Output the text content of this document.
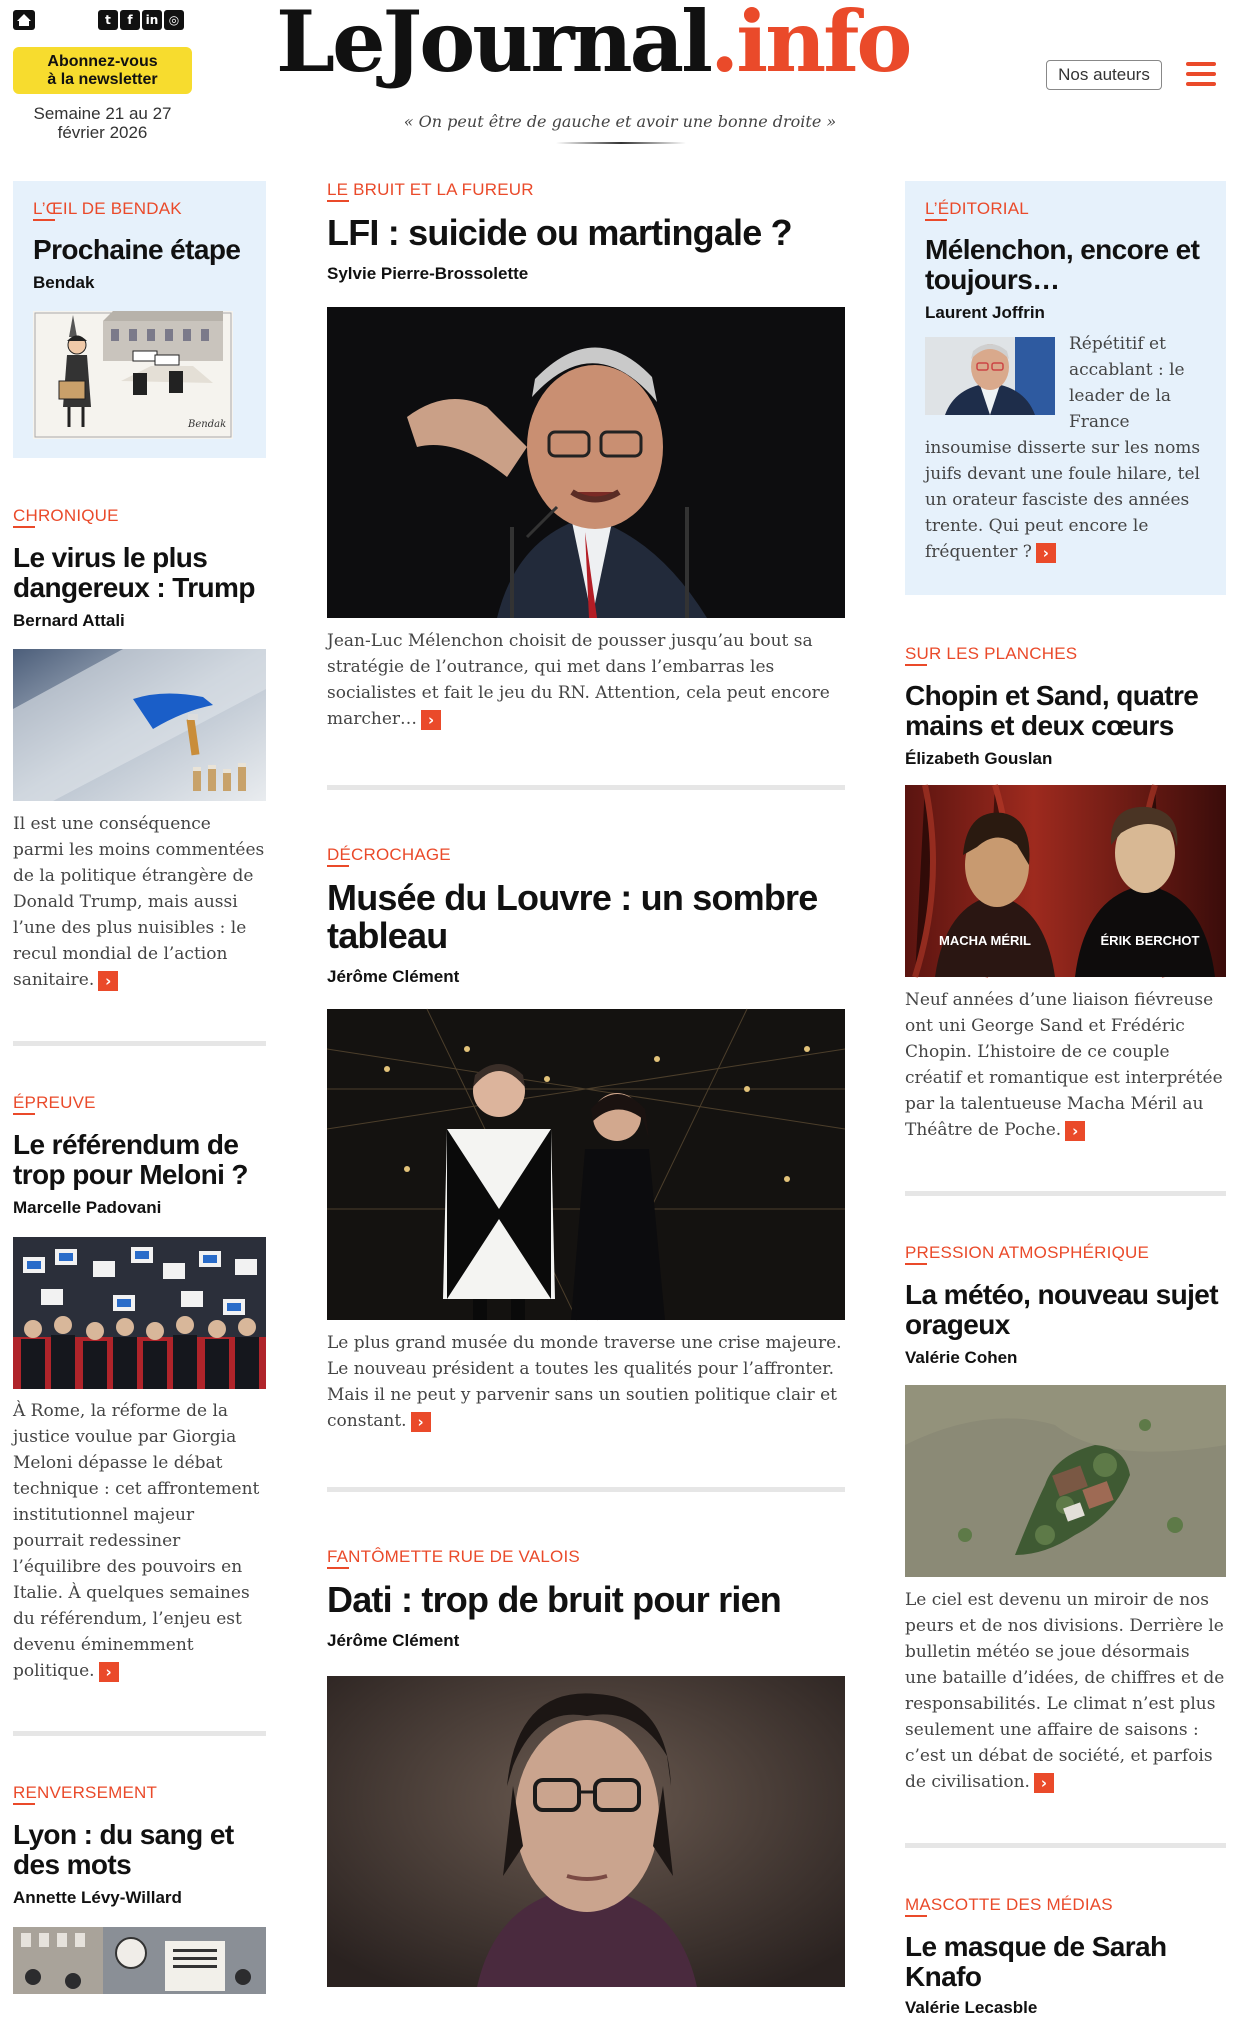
t	f	in ◎
Abonnez-vous
à la newsletter
Semaine 21 au 27
février 2026
LeJournal.info
« On peut être de gauche et avoir une bonne droite »
Nos auteurs
L’ŒIL DE BENDAK
Prochaine étape
Bendak
Bendak
CHRONIQUE
Le virus le plus dangereux : Trump
Bernard Attali
Il est une conséquence parmi les moins commentées de la politique étrangère de Donald Trump, mais aussi l’une des plus nuisibles : le recul mondial de l’action sanitaire. ›
ÉPREUVE
Le référendum de trop pour Meloni ?
Marcelle Padovani
À Rome, la réforme de la justice voulue par Giorgia Meloni dépasse le débat technique : cet affrontement institutionnel majeur pourrait redessiner l’équilibre des pouvoirs en Italie. À quelques semaines du référendum, l’enjeu est devenu éminemment politique. ›
RENVERSEMENT
Lyon : du sang et des mots
Annette Lévy-Willard
LE BRUIT ET LA FUREUR
LFI : suicide ou martingale ?
Sylvie Pierre-Brossolette
Jean-Luc Mélenchon choisit de pousser jusqu’au bout sa stratégie de l’outrance, qui met dans l’embarras les socialistes et fait le jeu du RN. Attention, cela peut encore marcher… ›
DÉCROCHAGE
Musée du Louvre : un sombre tableau
Jérôme Clément
Le plus grand musée du monde traverse une crise majeure. Le nouveau président a toutes les qualités pour l’affronter. Mais il ne peut y parvenir sans un soutien politique clair et constant. ›
FANTÔMETTE RUE DE VALOIS
Dati : trop de bruit pour rien
Jérôme Clément
L’ÉDITORIAL
Mélenchon, encore et toujours…
Laurent Joffrin
Répétitif et accablant : le leader de la France insoumise disserte sur les noms juifs devant une foule hilare, tel un orateur fasciste des années trente. Qui peut encore le fréquenter ? ›
SUR LES PLANCHES
Chopin et Sand, quatre mains et deux cœurs
Élizabeth Gouslan
MACHA MÉRIL	ÉRIK BERCHOT
Neuf années d’une liaison fiévreuse ont uni George Sand et Frédéric Chopin. L’histoire de ce couple créatif et romantique est interprétée par la talentueuse Macha Méril au Théâtre de Poche. ›
PRESSION ATMOSPHÉRIQUE
La météo, nouveau sujet orageux
Valérie Cohen
Le ciel est devenu un miroir de nos peurs et de nos divisions. Derrière le bulletin météo se joue désormais une bataille d’idées, de chiffres et de responsabilités. Le climat n’est plus seulement une affaire de saisons : c’est un débat de société, et parfois de civilisation. ›
MASCOTTE DES MÉDIAS
Le masque de Sarah Knafo
Valérie Lecasble
